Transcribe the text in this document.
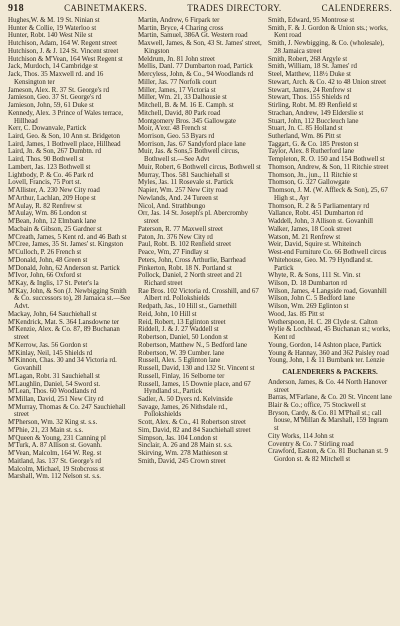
918	CABINETMAKERS.	TRADES DIRECTORY.	CALENDERERS.

Hughes,W. & M. 19 St. Ninian st

Hunter & Collie, 19 Waterloo st

Hunter, Robt. 140 West Nile st

Hutchison, Adam, 164 W. Regent street

Hutchison, J. & J. 124 St. Vincent street

Hutchison & M'Vean, 164 West Regent st

Jack, Murdoch, 14 Cambridge st

Jack, Thos. 35 Maxwell rd. and 16 Kensington ter

Jameson, Alex. R. 37 St. George's rd

Jamieson, Geo. 37 St. George's rd

Jamieson, John, 59, 61 Duke st

Kennedy, Alex. 3 Prince of Wales terrace, Hillhead

Kerr, C. Dowanvale, Partick

Laird, Geo. & Son, 10 Ann st. Bridgeton

Laird, James, 1 Bothwell place, Hillhead

Laird, Jn. & Son, 267 Dumbtn. rd

Laird, Thos. 90 Bothwell st

Lambert, Jas. 123 Bothwell st

Lightbody, P. & Co. 46 Park rd

Lovell, Francis, 75 Port st.

M'Allister, A. 230 New City road

M'Arthur, Lachlan, 209 Hope st

M'Aulay, R. 82 Renfrew st

M'Aulay, Wm. 86 London st

M'Bean, John, 12 Elmbank lane

Macbain & Gibson, 25 Gardner st

M'Creath, James, 5 Kent rd. and 46 Bath st

M'Cree, James, 35 St. James' st. Kingston

M'Culloch, P. 26 French st

M'Donald, John, 48 Green st

M'Donald, John, 62 Anderson st. Partick

M'Ivor, John, 66 Oxford st

M'Kay, & Inglis, 17 St. Peter's la

M'Kay, John, & Son (J. Newbigging Smith & Co. successors to), 28 Jamaica st.—See Advt.

Mackay, John, 64 Sauchiehall st

M'Kendrick, Mat. S. 364 Lansdowne ter

M'Kenzie, Alex. & Co. 87, 89 Buchanan street

M'Kerrow, Jas. 56 Gordon st

M'Kinlay, Neil, 145 Shields rd

M'Kinnon, Chas. 30 and 34 Victoria rd. Govanhill

M'Lagan, Robt. 31 Sauchiehall st

M'Laughlin, Daniel, 54 Sword st.

M'Lean, Thos. 60 Woodlands rd

M'Millan, David, 251 New City rd

M'Murray, Thomas & Co. 247 Sauchiehall street

M'Pherson, Wm. 32 King st. s.s.

M'Phie, 21, 23 Main st. s.s.

M'Queen & Young, 231 Canning pl

M'Turk, A. 87 Allison st. Govanh.

M'Vean, Malcolm, 164 W. Reg. st

Maitland, Jas. 137 St. George's rd

Malcolm, Michael, 19 Stobcross st

Marshall, Wm. 112 Nelson st. s.s.

Martin, Andrew, 6 Firpark ter

Martin, Bryce, 4 Charing cross

Martin, Samuel, 386A Gt. Western road

Maxwell, James, & Son, 43 St. James' street, Kingston

Meldrum, Jn. 81 John street

Mellis, Danl. 77 Dumbarton road, Partick

Mercyless, John, & Co., 94 Woodlands rd

Miller, Jas. 77 Norfolk court

Miller, James, 17 Victoria st

Miller, Wm. 21, 33 Dalhousie st

Mitchell, B. & M. 16 E. Camph. st

Mitchell, David, 80 Park road

Montgomery Bros. 345 Gallowgate

Moir, A'exr. 48 French st

Morrison, Geo. 53 Byars rd

Morrison, Jas. 67 Sandyford place lane

Muir, Jas. & Sons,5 Bothwell circus, Bothwell st.—See Advt

Muir, Robert, 6 Bothwell circus, Bothwell st

Murray, Thos. 581 Sauchiehall st

Myles, Jas. 11 Rosevale st. Partick

Napier, Wm. 257 New City road

Newlands, And. 24 Tureen st

Nicol, And. Strathbungo

Orr, Jas. 14 St. Joseph's pl. Abercromby street

Paterson, R. 77 Maxwell street

Paton, Jn. 376 New City rd

Paul, Robt. B. 102 Renfield street

Peace, Wm, 27 Findlay st

Peters, John, Cross Arthurlie, Barrhead

Pinkerton, Robt. 18 N. Portland st

Pollock, Daniel, 2 North street and 21 Richard street

Rae Bros. 102 Victoria rd. Crosshill, and 67 Albert rd. Pollokshields

Redpath, Jas., 10 Hill st., Garnethill

Reid, John, 10 Hill st

Reid, Robert, 13 Eglinton street

Riddell, J. & J. 27 Waddell st

Robertson, Daniel, 50 London st

Robertson, Matthew N., 5 Bedford lane

Robertson, W. 39 Cumber. lane

Russell, Alex. 5 Eglinton lane

Russell, David, 130 and 132 St. Vincent st

Russell, Finlay, 16 Selborne ter

Russell, James, 15 Downie place, and 67 Hyndland st., Partick

Sadler, A. 50 Dyers rd. Kelvinside

Savage, James, 26 Nithsdale rd., Pollokshields

Scott, Alex. & Co., 41 Robertson street

Sim, David, 82 and 84 Sauchiehall street

Simpson, Jas. 104 London st

Sinclair, A. 26 and 28 Main st. s.s.

Skirving, Wm. 278 Mathieson st

Smith, David, 245 Crown street

Smith, Edward, 95 Montrose st

Smith, F. & J. Gordon & Union sts.; works, Kent road

Smith, J. Newbigging, & Co. (wholesale), 28 Jamaica street

Smith, Robert, 268 Argyle st

Smith, William, 18 St. James' rd

Steel, Matthew, 118½ Duke st

Stewart, Arch. & Co. 42 to 48 Union street

Stewart, James, 24 Renfrew st

Stewart, Thos. 155 Shields rd

Stirling, Robt. M. 89 Renfield st

Strachan, Andrew, 149 Elderslie st

Stuart, John, 112 Buccleuch lane

Stuart, Jn. C. 85 Holland st

Sutherland, Wm. 86 Pitt st

Taggart, G. & Co. 185 Preston st

Taylor, Alex. 8 Rutherford lane

Templeton, R. O. 150 and 154 Bothwell st

Thomson, Andrew, & Son, 11 Ritchie street

Thomson, Jn., jun., 11 Ritchie st

Thomson, G. 327 Gallowgate

Thomson, J. M. (W. Affleck & Son), 25, 67 High st., Ayr

Thomson, R. 2 & 5 Parliamentary rd

Vallance, Robt. 451 Dumbarton rd

Waddell, John, 3 Allison st. Govanhill

Walker, James, 18 Cook street

Watson, M. 21 Renfrew st

Weir, David, Squire st. Whiteinch

West-end Furniture Co. 66 Bothwell circus

Whitehouse, Geo. M. 79 Hyndland st. Partick

Whyte, R. & Sons, 111 St. Vin. st

Wilson, D. 18 Dumbarton rd

Wilson, James, 4 Langside road, Govanhill

Wilson, John C. 5 Bedford lane

Wilson, Wm. 269 Eglinton st

Wood, Jas. 85 Pitt st

Wotherspoon, H. C. 28 Clyde st. Calton

Wylie & Lochhead, 45 Buchanan st.; works, Kent rd

Young, Gordon, 14 Ashton place, Partick

Young & Hannay, 360 and 362 Paisley road

Young, John, 1 & 11 Burnbank ter. Lenzie

CALENDERERS & PACKERS.

Anderson, James, & Co. 44 North Hanover street

Barras, M'Farlane, & Co. 20 St. Vincent lane

Blair & Co.; office, 75 Stockwell st

Bryson, Cardy, & Co. 81 M'Phail st.; call house, M'Millan & Marshall, 159 Ingram st

City Works, 114 John st

Coventry & Co. 7 Stirling road

Crawford, Easton, & Co. 81 Buchanan st. 9 Gordon st. & 82 Mitchell st
